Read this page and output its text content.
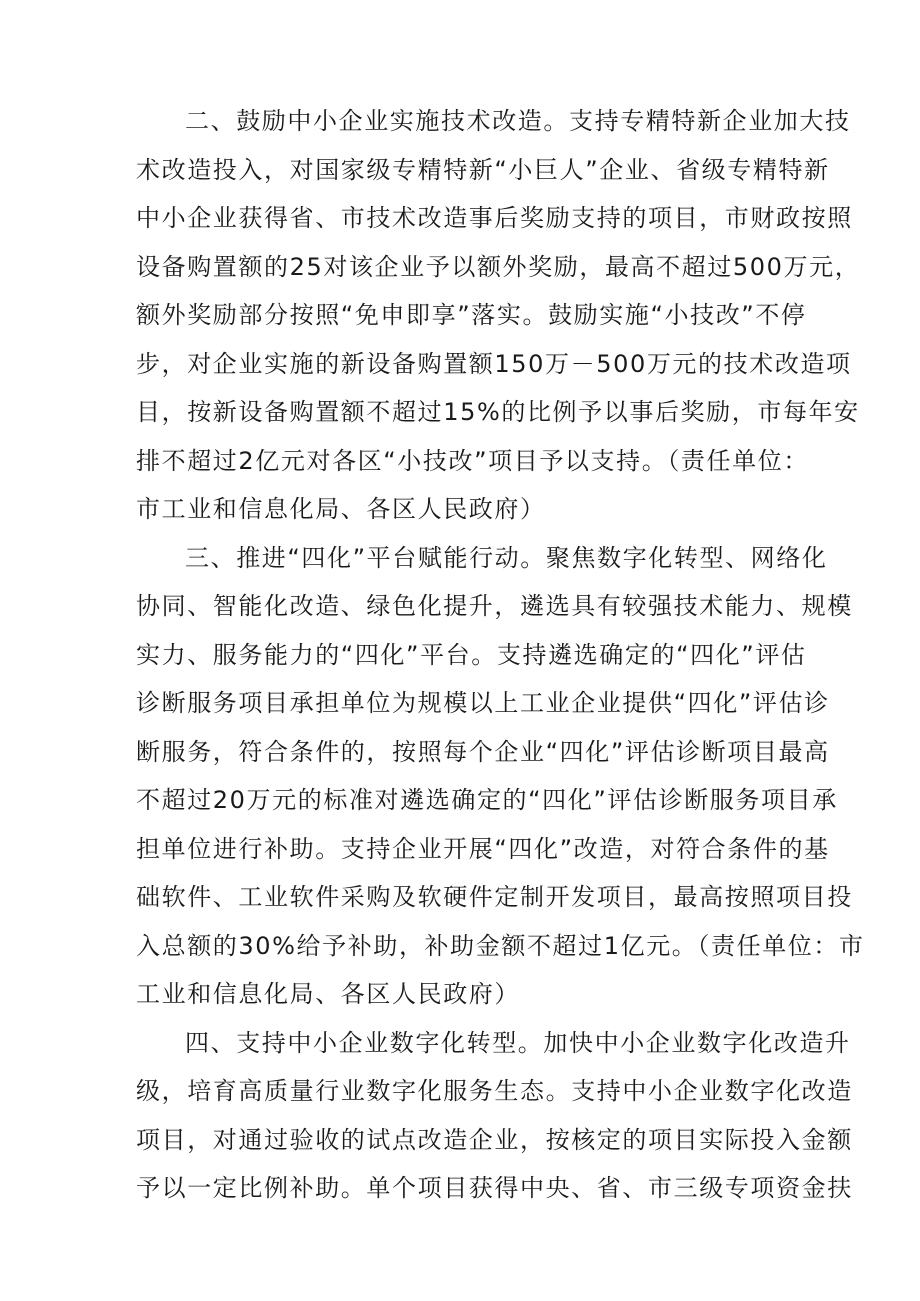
二、鼓励中小企业实施技术改造。支持专精特新企业加大技
术改造投入，对国家级专精特新“小巨人”企业、省级专精特新
中小企业获得省、市技术改造事后奖励支持的项目，市财政按照
设备购置额的25对该企业予以额外奖励，最高不超过500万元，
额外奖励部分按照“免申即享”落实。鼓励实施“小技改”不停
步，对企业实施的新设备购置额150万－500万元的技术改造项
目，按新设备购置额不超过15%的比例予以事后奖励，市每年安
排不超过2亿元对各区“小技改”项目予以支持。（责任单位：
市工业和信息化局、各区人民政府）
三、推进“四化”平台赋能行动。聚焦数字化转型、网络化
协同、智能化改造、绿色化提升，遴选具有较强技术能力、规模
实力、服务能力的“四化”平台。支持遴选确定的“四化”评估
诊断服务项目承担单位为规模以上工业企业提供“四化”评估诊
断服务，符合条件的，按照每个企业“四化”评估诊断项目最高
不超过20万元的标准对遴选确定的“四化”评估诊断服务项目承
担单位进行补助。支持企业开展“四化”改造，对符合条件的基
础软件、工业软件采购及软硬件定制开发项目，最高按照项目投
入总额的30%给予补助，补助金额不超过1亿元。（责任单位：市
工业和信息化局、各区人民政府）
四、支持中小企业数字化转型。加快中小企业数字化改造升
级，培育高质量行业数字化服务生态。支持中小企业数字化改造
项目，对通过验收的试点改造企业，按核定的项目实际投入金额
予以一定比例补助。单个项目获得中央、省、市三级专项资金扶
